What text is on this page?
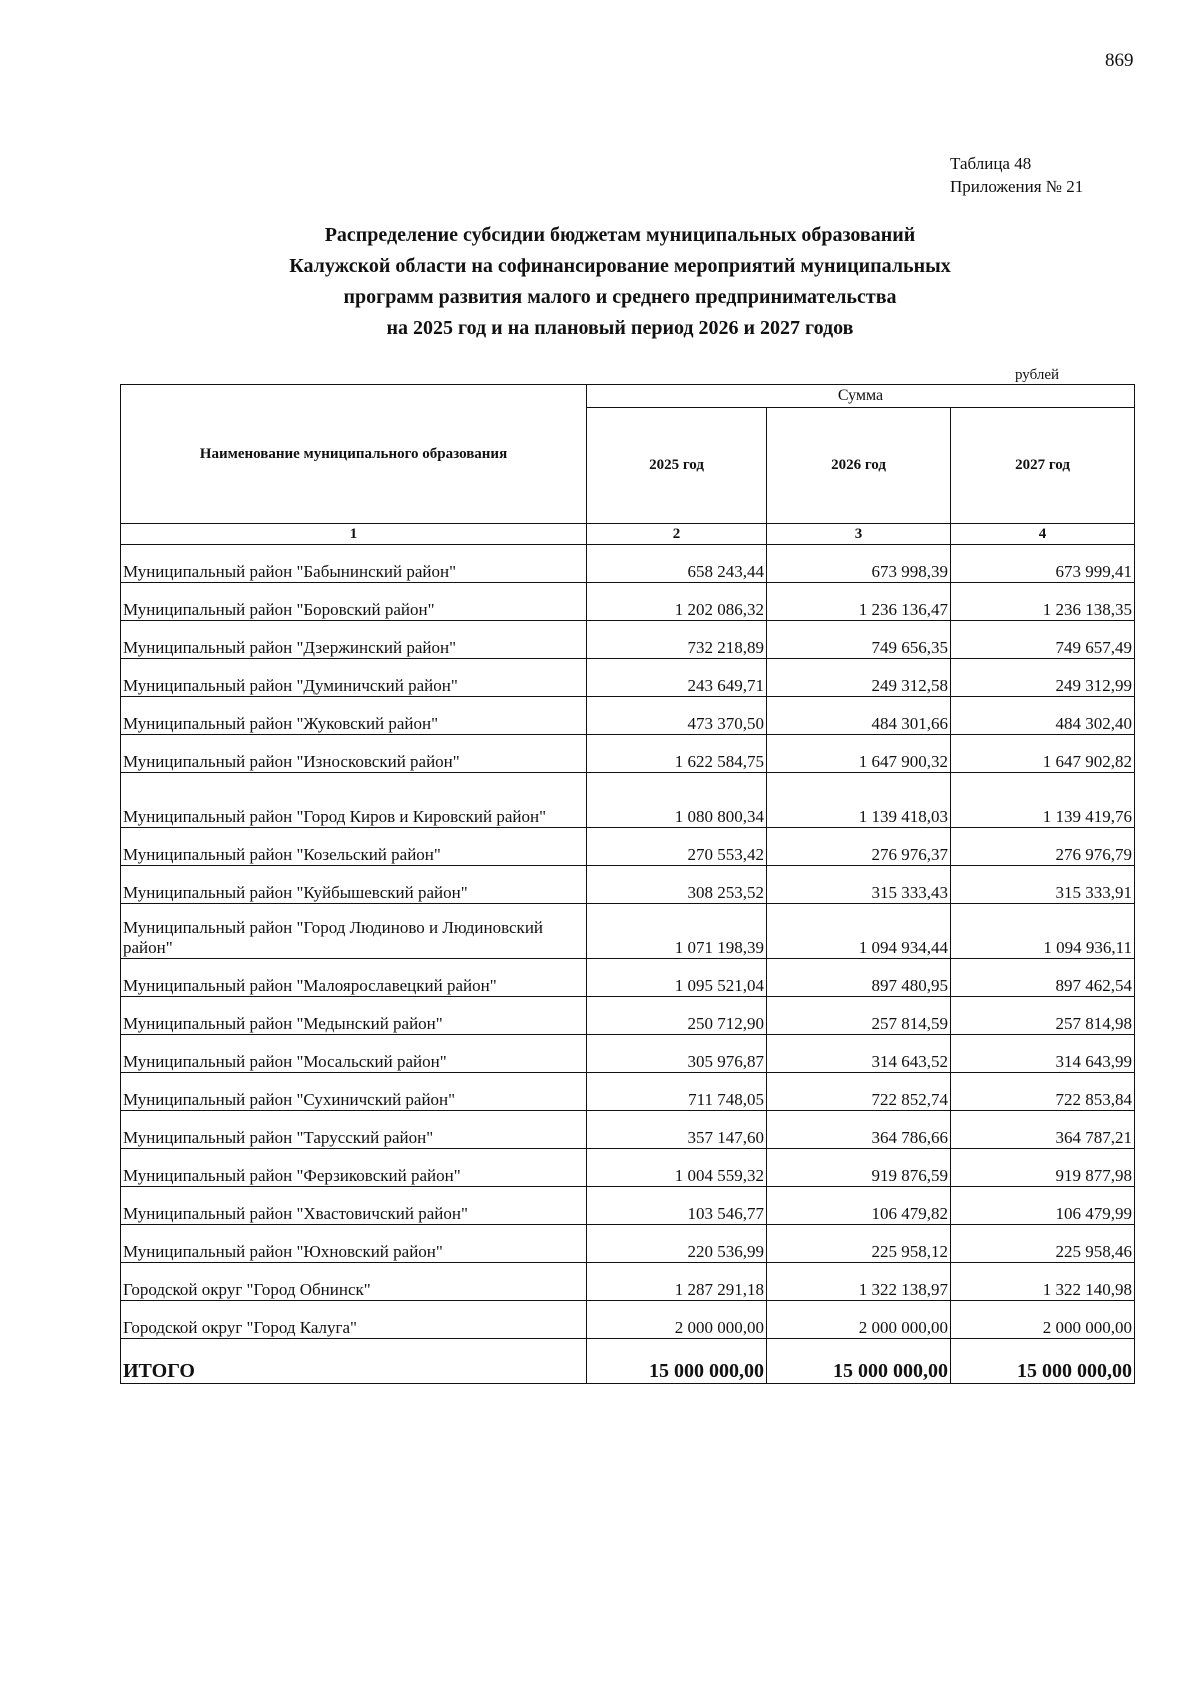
869
Таблица 48
Приложения № 21
Распределение субсидии бюджетам муниципальных образований
Калужской области на софинансирование мероприятий муниципальных
программ развития малого и среднего предпринимательства
на 2025 год и на плановый период 2026 и 2027 годов
рублей
Наименование муниципального образования	Сумма		
	2025 год	2026 год	2027 год
1	2	3	4
Муниципальный район "Бабынинский район"	658 243,44	673 998,39	673 999,41
Муниципальный район "Боровский район"	1 202 086,32	1 236 136,47	1 236 138,35
Муниципальный район "Дзержинский район"	732 218,89	749 656,35	749 657,49
Муниципальный район "Думиничский район"	243 649,71	249 312,58	249 312,99
Муниципальный район "Жуковский район"	473 370,50	484 301,66	484 302,40
Муниципальный район "Износковский район"	1 622 584,75	1 647 900,32	1 647 902,82
Муниципальный район "Город Киров и Кировский район"	1 080 800,34	1 139 418,03	1 139 419,76
Муниципальный район "Козельский район"	270 553,42	276 976,37	276 976,79
Муниципальный район "Куйбышевский район"	308 253,52	315 333,43	315 333,91
Муниципальный район "Город Людиново и Людиновский район"	1 071 198,39	1 094 934,44	1 094 936,11
Муниципальный район "Малоярославецкий район"	1 095 521,04	897 480,95	897 462,54
Муниципальный район "Медынский район"	250 712,90	257 814,59	257 814,98
Муниципальный район "Мосальский район"	305 976,87	314 643,52	314 643,99
Муниципальный район "Сухиничский район"	711 748,05	722 852,74	722 853,84
Муниципальный район "Тарусский район"	357 147,60	364 786,66	364 787,21
Муниципальный район "Ферзиковский район"	1 004 559,32	919 876,59	919 877,98
Муниципальный район "Хвастовичский район"	103 546,77	106 479,82	106 479,99
Муниципальный район "Юхновский район"	220 536,99	225 958,12	225 958,46
Городской округ "Город Обнинск"	1 287 291,18	1 322 138,97	1 322 140,98
Городской округ "Город Калуга"	2 000 000,00	2 000 000,00	2 000 000,00
ИТОГО	15 000 000,00	15 000 000,00	15 000 000,00
